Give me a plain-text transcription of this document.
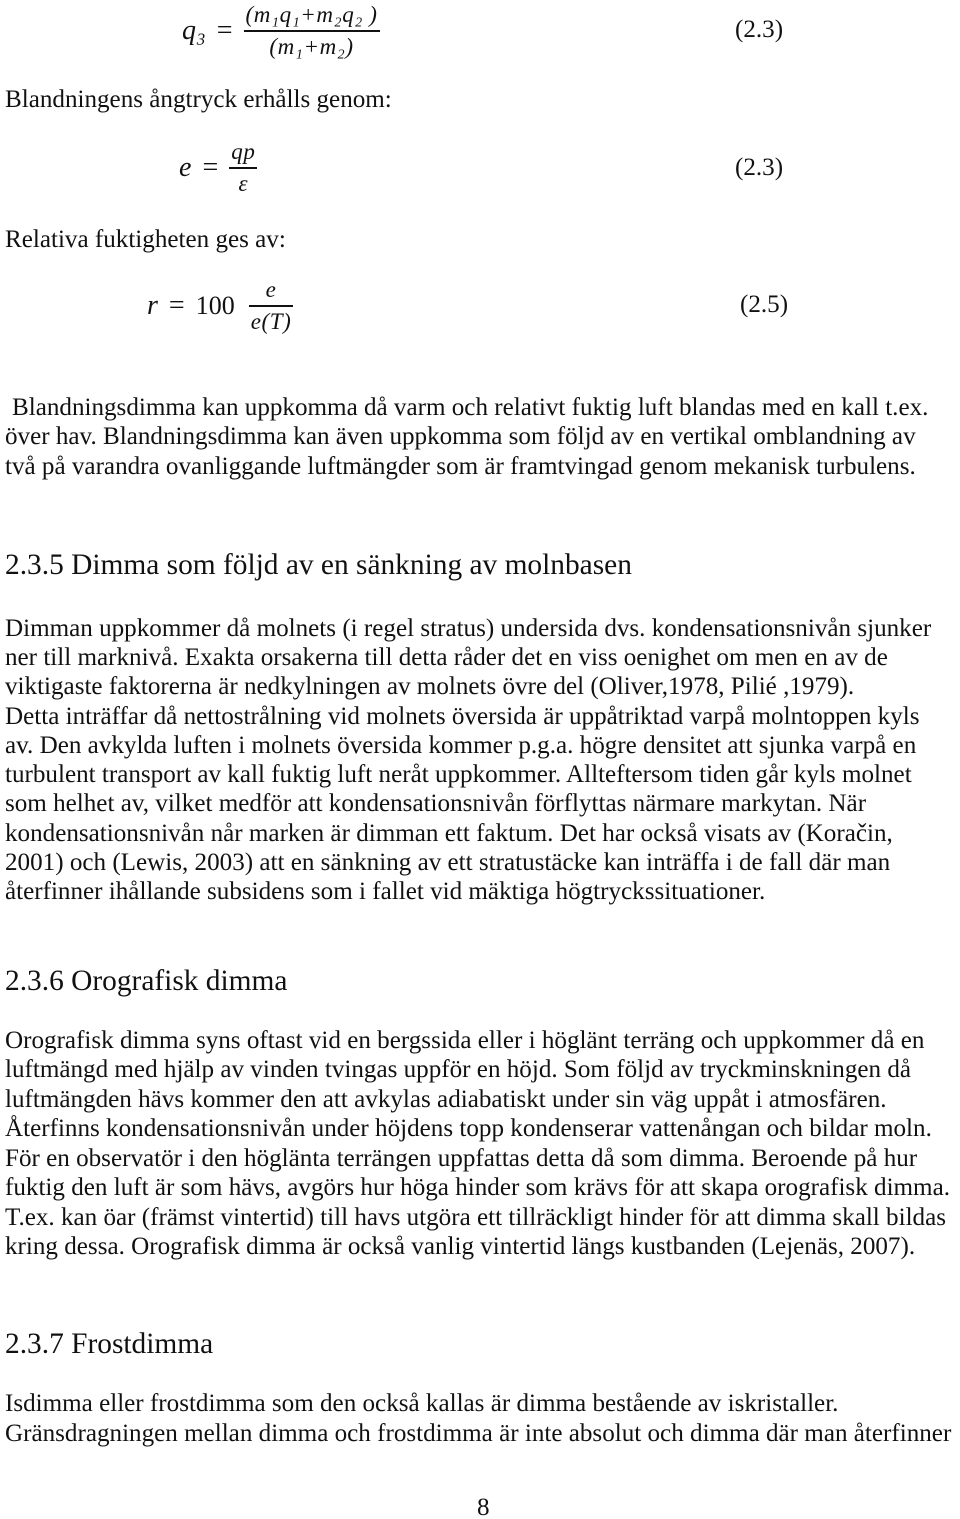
$q_3 = \frac{\text{(m₁q₁+m₂q₂ )}}{\text{(m₁+m₂)}}$	(2.3)
Blandningens ångtryck erhålls genom:
$e = \frac{qp}{\varepsilon}$	(2.3)
Relativa fuktigheten ges av:
$r = 100 \frac{e}{e(T)}$	(2.5)
Blandningsdimma kan uppkomma då varm och relativt fuktig luft blandas med en kall t.ex.
över hav. Blandningsdimma kan även uppkomma som följd av en vertikal omblandning av
två på varandra ovanliggande luftmängder som är framtvingad genom mekanisk turbulens.
2.3.5 Dimma som följd av en sänkning av molnbasen
Dimman uppkommer då molnets (i regel stratus) undersida dvs. kondensationsnivån sjunker
ner till marknivå. Exakta orsakerna till detta råder det en viss oenighet om men en av de
viktigaste faktorerna är nedkylningen av molnets övre del (Oliver,1978, Pilié ,1979).
Detta inträffar då nettostrålning vid molnets översida är uppåtriktad varpå molntoppen kyls
av. Den avkylda luften i molnets översida kommer p.g.a. högre densitet att sjunka varpå en
turbulent transport av kall fuktig luft neråt uppkommer. Allteftersom tiden går kyls molnet
som helhet av, vilket medför att kondensationsnivån förflyttas närmare markytan. När
kondensationsnivån når marken är dimman ett faktum. Det har också visats av (Koračin,
2001) och (Lewis, 2003) att en sänkning av ett stratustäcke kan inträffa i de fall där man
återfinner ihållande subsidens som i fallet vid mäktiga högtryckssituationer.
2.3.6 Orografisk dimma
Orografisk dimma syns oftast vid en bergssida eller i höglänt terräng och uppkommer då en
luftmängd med hjälp av vinden tvingas uppför en höjd. Som följd av tryckminskningen då
luftmängden hävs kommer den att avkylas adiabatiskt under sin väg uppåt i atmosfären.
Återfinns kondensationsnivån under höjdens topp kondenserar vattenångan och bildar moln.
För en observatör i den höglänta terrängen uppfattas detta då som dimma. Beroende på hur
fuktig den luft är som hävs, avgörs hur höga hinder som krävs för att skapa orografisk dimma.
T.ex. kan öar (främst vintertid) till havs utgöra ett tillräckligt hinder för att dimma skall bildas
kring dessa. Orografisk dimma är också vanlig vintertid längs kustbanden (Lejenäs, 2007).
2.3.7 Frostdimma
Isdimma eller frostdimma som den också kallas är dimma bestående av iskristaller.
Gränsdragningen mellan dimma och frostdimma är inte absolut och dimma där man återfinner
8
